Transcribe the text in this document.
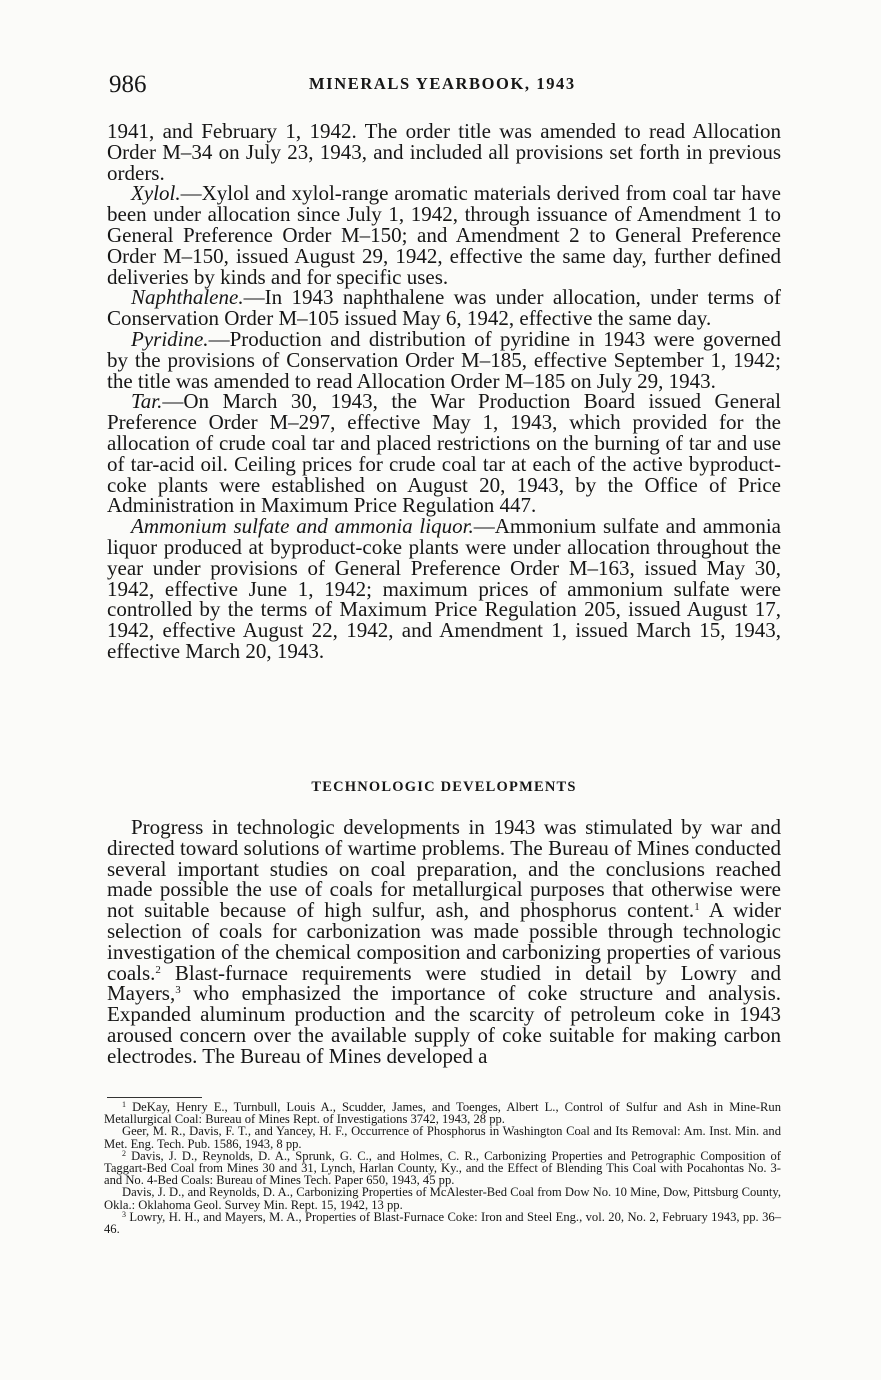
986	MINERALS YEARBOOK, 1943

1941, and February 1, 1942. The order title was amended to read Allocation Order M–34 on July 23, 1943, and included all provisions set forth in previous orders.

Xylol.—Xylol and xylol-range aromatic materials derived from coal tar have been under allocation since July 1, 1942, through issuance of Amendment 1 to General Preference Order M–150; and Amendment 2 to General Preference Order M–150, issued August 29, 1942, effective the same day, further defined deliveries by kinds and for specific uses.

Naphthalene.—In 1943 naphthalene was under allocation, under terms of Conservation Order M–105 issued May 6, 1942, effective the same day.

Pyridine.—Production and distribution of pyridine in 1943 were governed by the provisions of Conservation Order M–185, effective September 1, 1942; the title was amended to read Allocation Order M–185 on July 29, 1943.

Tar.—On March 30, 1943, the War Production Board issued General Preference Order M–297, effective May 1, 1943, which provided for the allocation of crude coal tar and placed restrictions on the burning of tar and use of tar-acid oil. Ceiling prices for crude coal tar at each of the active byproduct-coke plants were established on August 20, 1943, by the Office of Price Administration in Maximum Price Regulation 447.

Ammonium sulfate and ammonia liquor.—Ammonium sulfate and ammonia liquor produced at byproduct-coke plants were under allocation throughout the year under provisions of General Preference Order M–163, issued May 30, 1942, effective June 1, 1942; maximum prices of ammonium sulfate were controlled by the terms of Maximum Price Regulation 205, issued August 17, 1942, effective August 22, 1942, and Amendment 1, issued March 15, 1943, effective March 20, 1943.

TECHNOLOGIC DEVELOPMENTS

Progress in technologic developments in 1943 was stimulated by war and directed toward solutions of wartime problems. The Bureau of Mines conducted several important studies on coal preparation, and the conclusions reached made possible the use of coals for metallurgical purposes that otherwise were not suitable because of high sulfur, ash, and phosphorus content.$^1$ A wider selection of coals for carbonization was made possible through technologic investigation of the chemical composition and carbonizing properties of various coals.$^2$ Blast-furnace requirements were studied in detail by Lowry and Mayers,$^3$ who emphasized the importance of coke structure and analysis. Expanded aluminum production and the scarcity of petroleum coke in 1943 aroused concern over the available supply of coke suitable for making carbon electrodes. The Bureau of Mines developed a

$^1$ DeKay, Henry E., Turnbull, Louis A., Scudder, James, and Toenges, Albert L., Control of Sulfur and Ash in Mine-Run Metallurgical Coal: Bureau of Mines Rept. of Investigations 3742, 1943, 28 pp.

Geer, M. R., Davis, F. T., and Yancey, H. F., Occurrence of Phosphorus in Washington Coal and Its Removal: Am. Inst. Min. and Met. Eng. Tech. Pub. 1586, 1943, 8 pp.

$^2$ Davis, J. D., Reynolds, D. A., Sprunk, G. C., and Holmes, C. R., Carbonizing Properties and Petrographic Composition of Taggart-Bed Coal from Mines 30 and 31, Lynch, Harlan County, Ky., and the Effect of Blending This Coal with Pocahontas No. 3- and No. 4-Bed Coals: Bureau of Mines Tech. Paper 650, 1943, 45 pp.

Davis, J. D., and Reynolds, D. A., Carbonizing Properties of McAlester-Bed Coal from Dow No. 10 Mine, Dow, Pittsburg County, Okla.: Oklahoma Geol. Survey Min. Rept. 15, 1942, 13 pp.

$^3$ Lowry, H. H., and Mayers, M. A., Properties of Blast-Furnace Coke: Iron and Steel Eng., vol. 20, No. 2, February 1943, pp. 36–46.
